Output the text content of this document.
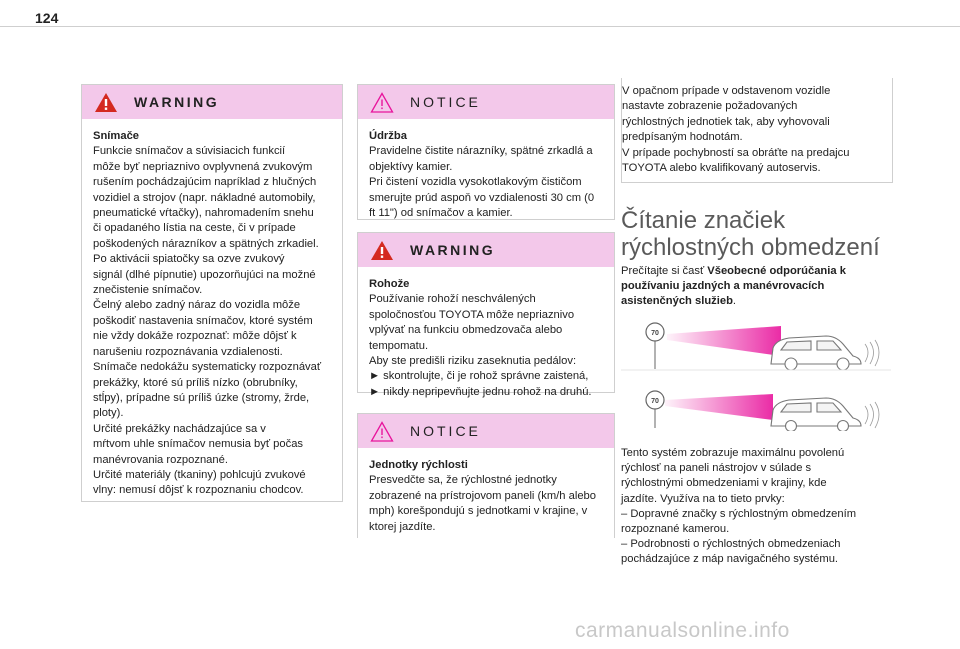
124
WARNING
Snímače
Funkcie snímačov a súvisiacich funkcií
môže byť nepriaznivo ovplyvnená zvukovým
rušením pochádzajúcim napríklad z hlučných
vozidiel a strojov (napr. nákladné automobily,
pneumatické vŕtačky), nahromadením snehu
či opadaného lístia na ceste, či v prípade
poškodených nárazníkov a spätných zrkadiel.
Po aktivácii spiatočky sa ozve zvukový
signál (dlhé pípnutie) upozorňujúci na možné
znečistenie snímačov.
Čelný alebo zadný náraz do vozidla môže
poškodiť nastavenia snímačov, ktoré systém
nie vždy dokáže rozpoznať: môže dôjsť k
narušeniu rozpoznávania vzdialenosti.
Snímače nedokážu systematicky rozpoznávať
prekážky, ktoré sú príliš nízko (obrubníky,
stĺpy), prípadne sú príliš úzke (stromy, žrde,
ploty).
Určité prekážky nachádzajúce sa v
mŕtvom uhle snímačov nemusia byť počas
manévrovania rozpoznané.
Určité materiály (tkaniny) pohlcujú zvukové
vlny: nemusí dôjsť k rozpoznaniu chodcov.
NOTICE
Údržba
Pravidelne čistite nárazníky, spätné zrkadlá a
objektívy kamier.
Pri čistení vozidla vysokotlakovým čističom
smerujte prúd aspoň vo vzdialenosti 30 cm (0
ft 11") od snímačov a kamier.
WARNING
Rohože
Používanie rohoží neschválených
spoločnosťou TOYOTA môže nepriaznivo
vplývať na funkciu obmedzovača alebo
tempomatu.
Aby ste predišli riziku zaseknutia pedálov:
► skontrolujte, či je rohož správne zaistená,
► nikdy nepripevňujte jednu rohož na druhú.
NOTICE
Jednotky rýchlosti
Presvedčte sa, že rýchlostné jednotky
zobrazené na prístrojovom paneli (km/h alebo
mph) korešpondujú s jednotkami v krajine, v
ktorej jazdíte.
V opačnom prípade v odstavenom vozidle
nastavte zobrazenie požadovaných
rýchlostných jednotiek tak, aby vyhovovali
predpísaným hodnotám.
V prípade pochybností sa obráťte na predajcu
TOYOTA alebo kvalifikovaný autoservis.
Čítanie značiek rýchlostných obmedzení
Prečítajte si časť Všeobecné odporúčania k používaniu jazdných a manévrovacích asistenčných služieb.
70
70
Tento systém zobrazuje maximálnu povolenú
rýchlosť na paneli nástrojov v súlade s
rýchlostnými obmedzeniami v krajiny, kde
jazdíte. Využíva na to tieto prvky:
– Dopravné značky s rýchlostným obmedzením
rozpoznané kamerou.
– Podrobnosti o rýchlostných obmedzeniach
pochádzajúce z máp navigačného systému.
carmanualsonline.info
